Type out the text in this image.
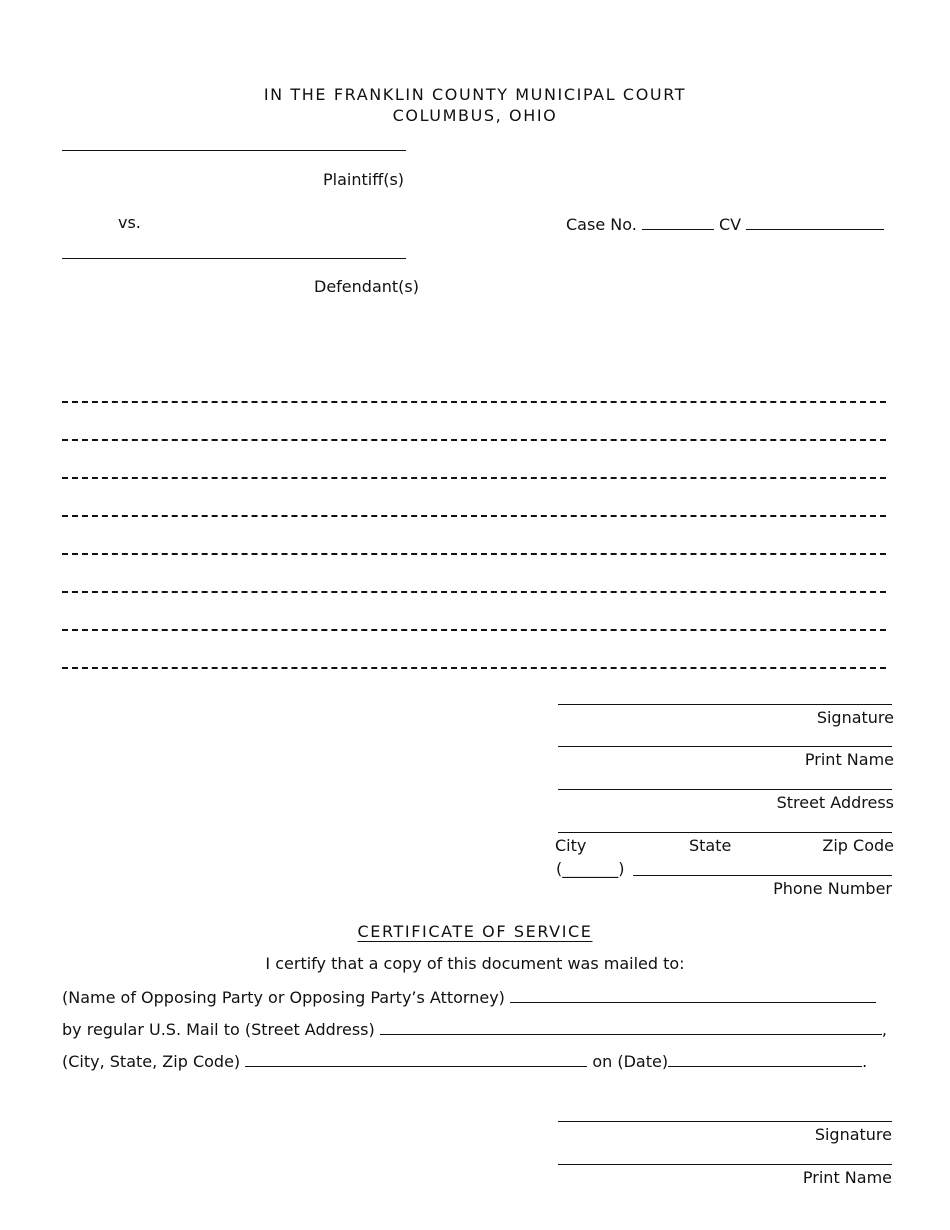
IN THE FRANKLIN COUNTY MUNICIPAL COURT
COLUMBUS, OHIO
Plaintiff(s)
vs.	Case No.	CV
Defendant(s)
Signature
Print Name
Street Address
City	State	Zip Code
(_______)
Phone Number
CERTIFICATE OF SERVICE
I certify that a copy of this document was mailed to:
(Name of Opposing Party or Opposing Party’s Attorney)
by regular U.S. Mail to (Street Address)	,
(City, State, Zip Code)	on (Date)	.
Signature
Print Name
